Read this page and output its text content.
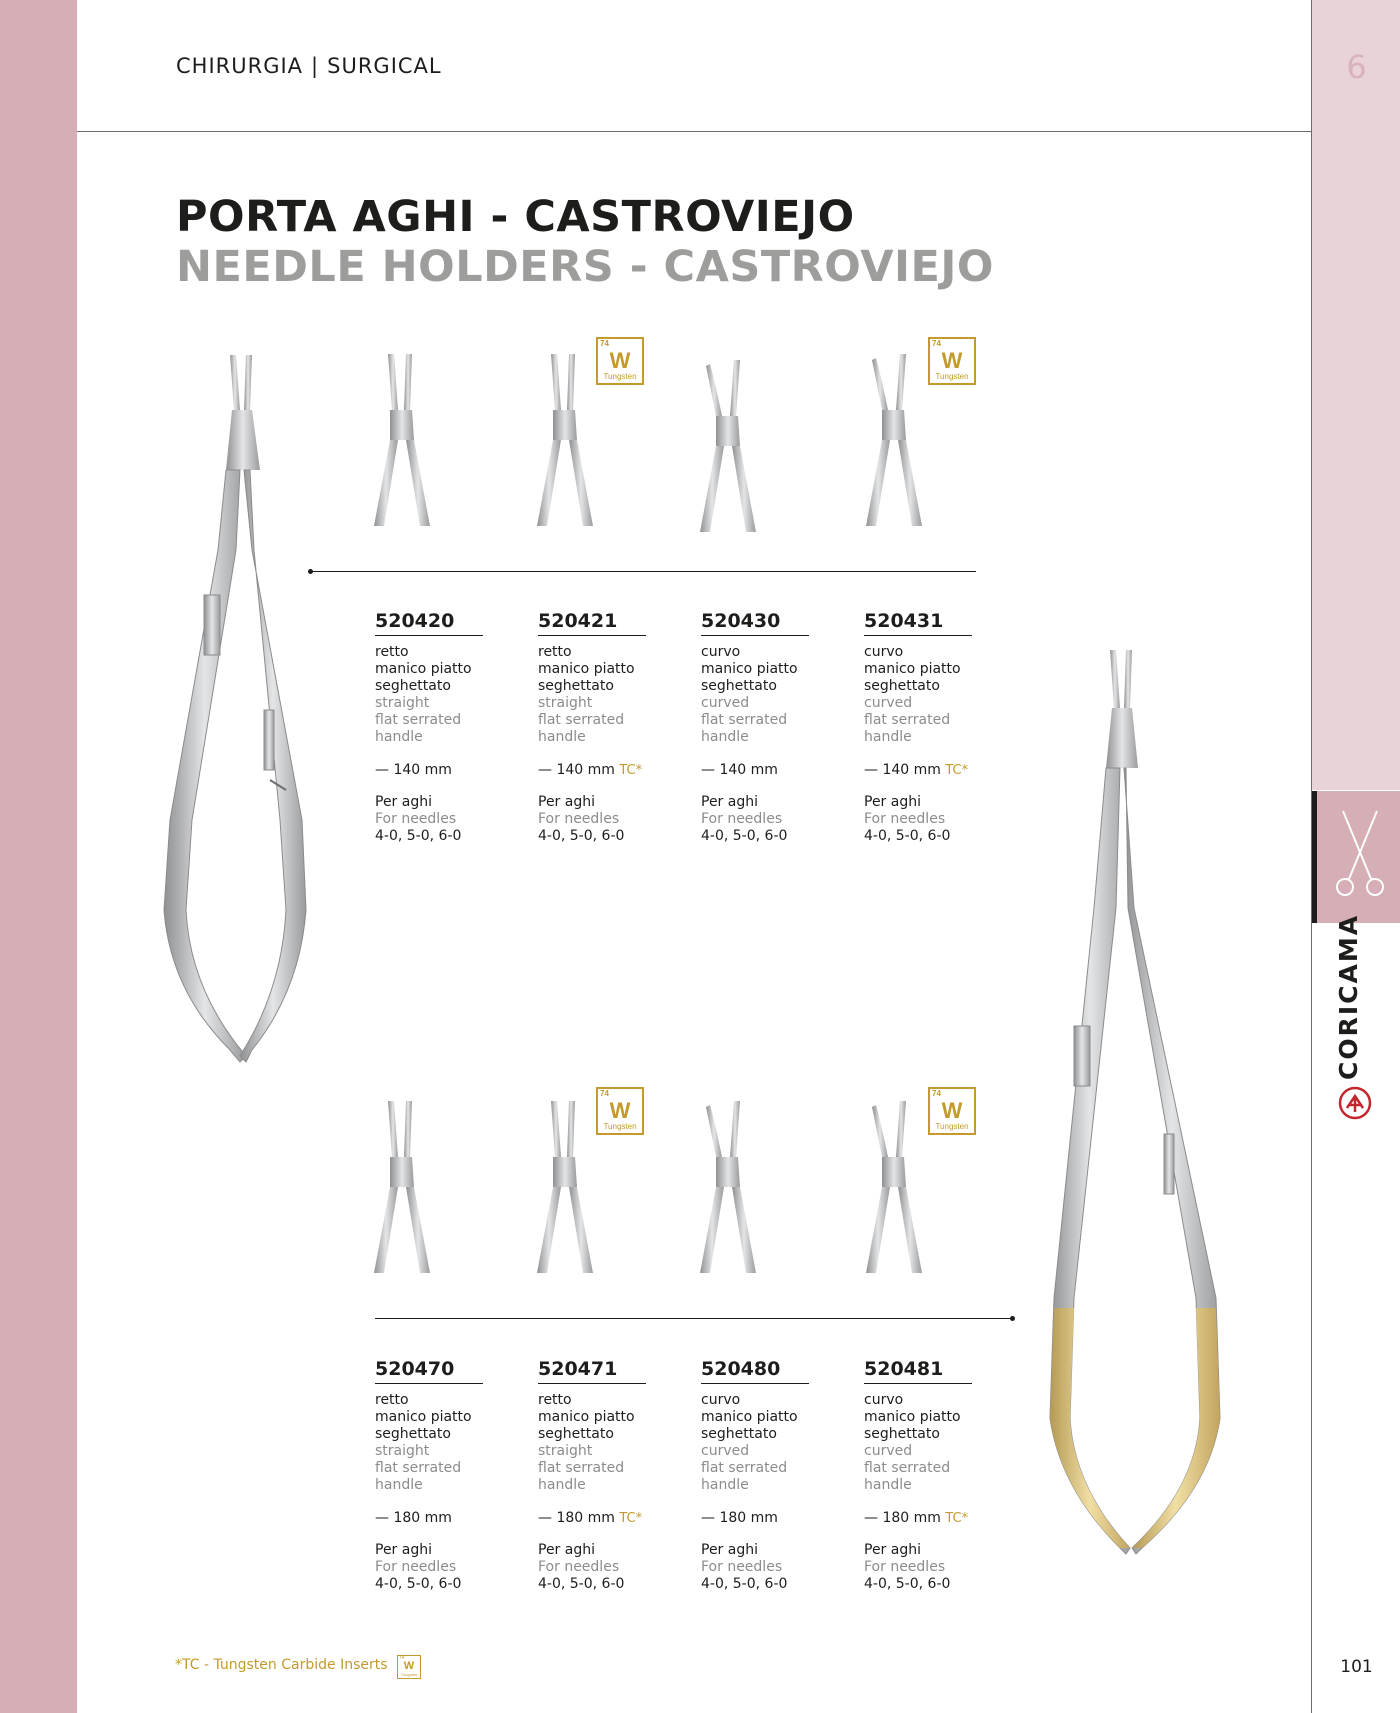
6
CORICAMA
101
CHIRURGIA | SURGICAL
PORTA AGHI - CASTROVIEJO
NEEDLE HOLDERS - CASTROVIEJO
74
W
Tungsten
74
W
Tungsten
520420
retto
manico piatto
seghettato
straight
flat serrated
handle
— 140 mm
Per aghi
For needles
4-0, 5-0, 6-0
520421
retto
manico piatto
seghettato
straight
flat serrated
handle
— 140 mm TC*
Per aghi
For needles
4-0, 5-0, 6-0
520430
curvo
manico piatto
seghettato
curved
flat serrated
handle
— 140 mm
Per aghi
For needles
4-0, 5-0, 6-0
520431
curvo
manico piatto
seghettato
curved
flat serrated
handle
— 140 mm TC*
Per aghi
For needles
4-0, 5-0, 6-0
74
W
Tungsten
74
W
Tungsten
520470
retto
manico piatto
seghettato
straight
flat serrated
handle
— 180 mm
Per aghi
For needles
4-0, 5-0, 6-0
520471
retto
manico piatto
seghettato
straight
flat serrated
handle
— 180 mm TC*
Per aghi
For needles
4-0, 5-0, 6-0
520480
curvo
manico piatto
seghettato
curved
flat serrated
handle
— 180 mm
Per aghi
For needles
4-0, 5-0, 6-0
520481
curvo
manico piatto
seghettato
curved
flat serrated
handle
— 180 mm TC*
Per aghi
For needles
4-0, 5-0, 6-0
*TC - Tungsten Carbide Inserts 74
W
Tungsten
